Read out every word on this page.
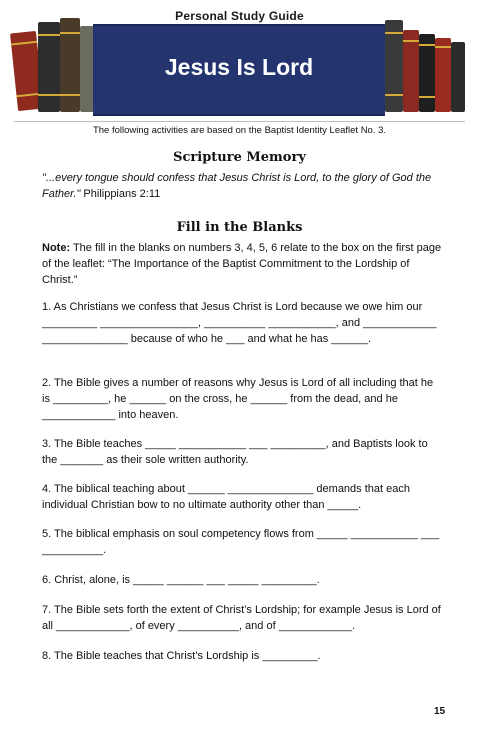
Personal Study Guide
Jesus Is Lord
The following activities are based on the Baptist Identity Leaflet No. 3.
Scripture Memory

"...every tongue should confess that Jesus Christ is Lord, to the glory of God the Father." Philippians 2:11

Fill in the Blanks

Note: The fill in the blanks on numbers 3, 4, 5, 6 relate to the box on the first page of the leaflet: “The Importance of the Baptist Commitment to the Lordship of Christ.”

1. As Christians we confess that Jesus Christ is Lord because we owe him our _________ ________________, __________ ___________, and ____________ ______________ because of who he ___ and what he has ______.

2. The Bible gives a number of reasons why Jesus is Lord of all including that he is _________, he ______ on the cross, he ______ from the dead, and he ____________ into heaven.

3. The Bible teaches _____ ___________ ___ _________, and Baptists look to the _______ as their sole written authority.

4. The biblical teaching about ______ ______________ demands that each individual Christian bow to no ultimate authority other than _____.

5. The biblical emphasis on soul competency flows from _____ ___________ ___ __________.

6. Christ, alone, is _____ ______ ___ _____ _________.

7. The Bible sets forth the extent of Christ’s Lordship; for example Jesus is Lord of all ____________, of every __________, and of ____________.

8. The Bible teaches that Christ’s Lordship is _________.

15
